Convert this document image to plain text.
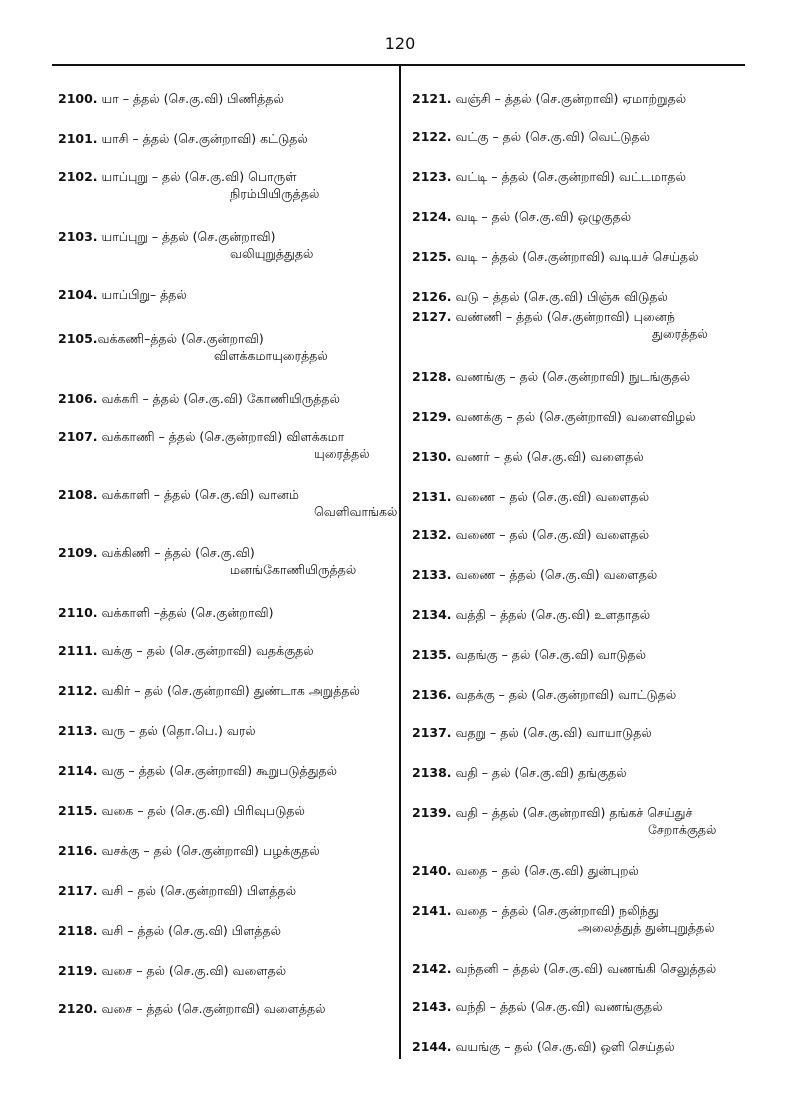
120
2100. யா – த்தல் (செ.கு.வி) பிணித்தல்
2101. யாசி – த்தல் (செ.குன்றாவி) கட்டுதல்
2102. யாப்புறு – தல் (செ.கு.வி) பொருள்
நிரம்பியிருத்தல்
2103. யாப்புறு – த்தல் (செ.குன்றாவி)
வலியுறுத்துதல்
2104. யாப்பிறு– த்தல்
2105.வக்கணி–த்தல் (செ.குன்றாவி)
விளக்கமாயுரைத்தல்
2106. வக்கரி – த்தல் (செ.கு.வி) கோணியிருத்தல்
2107. வக்காணி – த்தல் (செ.குன்றாவி) விளக்கமா
யுரைத்தல்
2108. வக்காளி – த்தல் (செ.கு.வி) வானம்
வெளிவாங்கல்
2109. வக்கிணி – த்தல் (செ.கு.வி)
மனங்கோணியிருத்தல்
2110. வக்காளி –த்தல் (செ.குன்றாவி)
2111. வக்கு – தல் (செ.குன்றாவி) வதக்குதல்
2112. வகிர் – தல் (செ.குன்றாவி) துண்டாக அறுத்தல்
2113. வரு – தல் (தொ.பெ.) வரல்
2114. வகு – த்தல் (செ.குன்றாவி) கூறுபடுத்துதல்
2115. வகை – தல் (செ.கு.வி) பிரிவுபடுதல்
2116. வசக்கு – தல் (செ.குன்றாவி) பழக்குதல்
2117. வசி – தல் (செ.குன்றாவி) பிளத்தல்
2118. வசி – த்தல் (செ.கு.வி) பிளத்தல்
2119. வசை – தல் (செ.கு.வி) வளைதல்
2120. வசை – த்தல் (செ.குன்றாவி) வளைத்தல்
2121. வஞ்சி – த்தல் (செ.குன்றாவி) ஏமாற்றுதல்
2122. வட்கு – தல் (செ.கு.வி) வெட்டுதல்
2123. வட்டி – த்தல் (செ.குன்றாவி) வட்டமாதல்
2124. வடி – தல் (செ.கு.வி) ஒழுகுதல்
2125. வடி – த்தல் (செ.குன்றாவி) வடியச் செய்தல்
2126. வடு – த்தல் (செ.கு.வி) பிஞ்சு விடுதல்
2127. வண்ணி – த்தல் (செ.குன்றாவி) புனைந்
துரைத்தல்
2128. வணங்கு – தல் (செ.குன்றாவி) நுடங்குதல்
2129. வணக்கு – தல் (செ.குன்றாவி) வளைவிழல்
2130. வணர் – தல் (செ.கு.வி) வளைதல்
2131. வணை – தல் (செ.கு.வி) வளைதல்
2132. வணை – தல் (செ.கு.வி) வளைதல்
2133. வணை – த்தல் (செ.கு.வி) வளைதல்
2134. வத்தி – த்தல் (செ.கு.வி) உளதாதல்
2135. வதங்கு – தல் (செ.கு.வி) வாடுதல்
2136. வதக்கு – தல் (செ.குன்றாவி) வாட்டுதல்
2137. வதறு – தல் (செ.கு.வி) வாயாடுதல்
2138. வதி – தல் (செ.கு.வி) தங்குதல்
2139. வதி – த்தல் (செ.குன்றாவி) தங்கச் செய்துச்
சேறாக்குதல்
2140. வதை – தல் (செ.கு.வி) துன்புறல்
2141. வதை – த்தல் (செ.குன்றாவி) நலிந்து
அலைத்துத் துன்புறுத்தல்
2142. வந்தனி – த்தல் (செ.கு.வி) வணங்கி செலுத்தல்
2143. வந்தி – த்தல் (செ.கு.வி) வணங்குதல்
2144. வயங்கு – தல் (செ.கு.வி) ஒளி செய்தல்
